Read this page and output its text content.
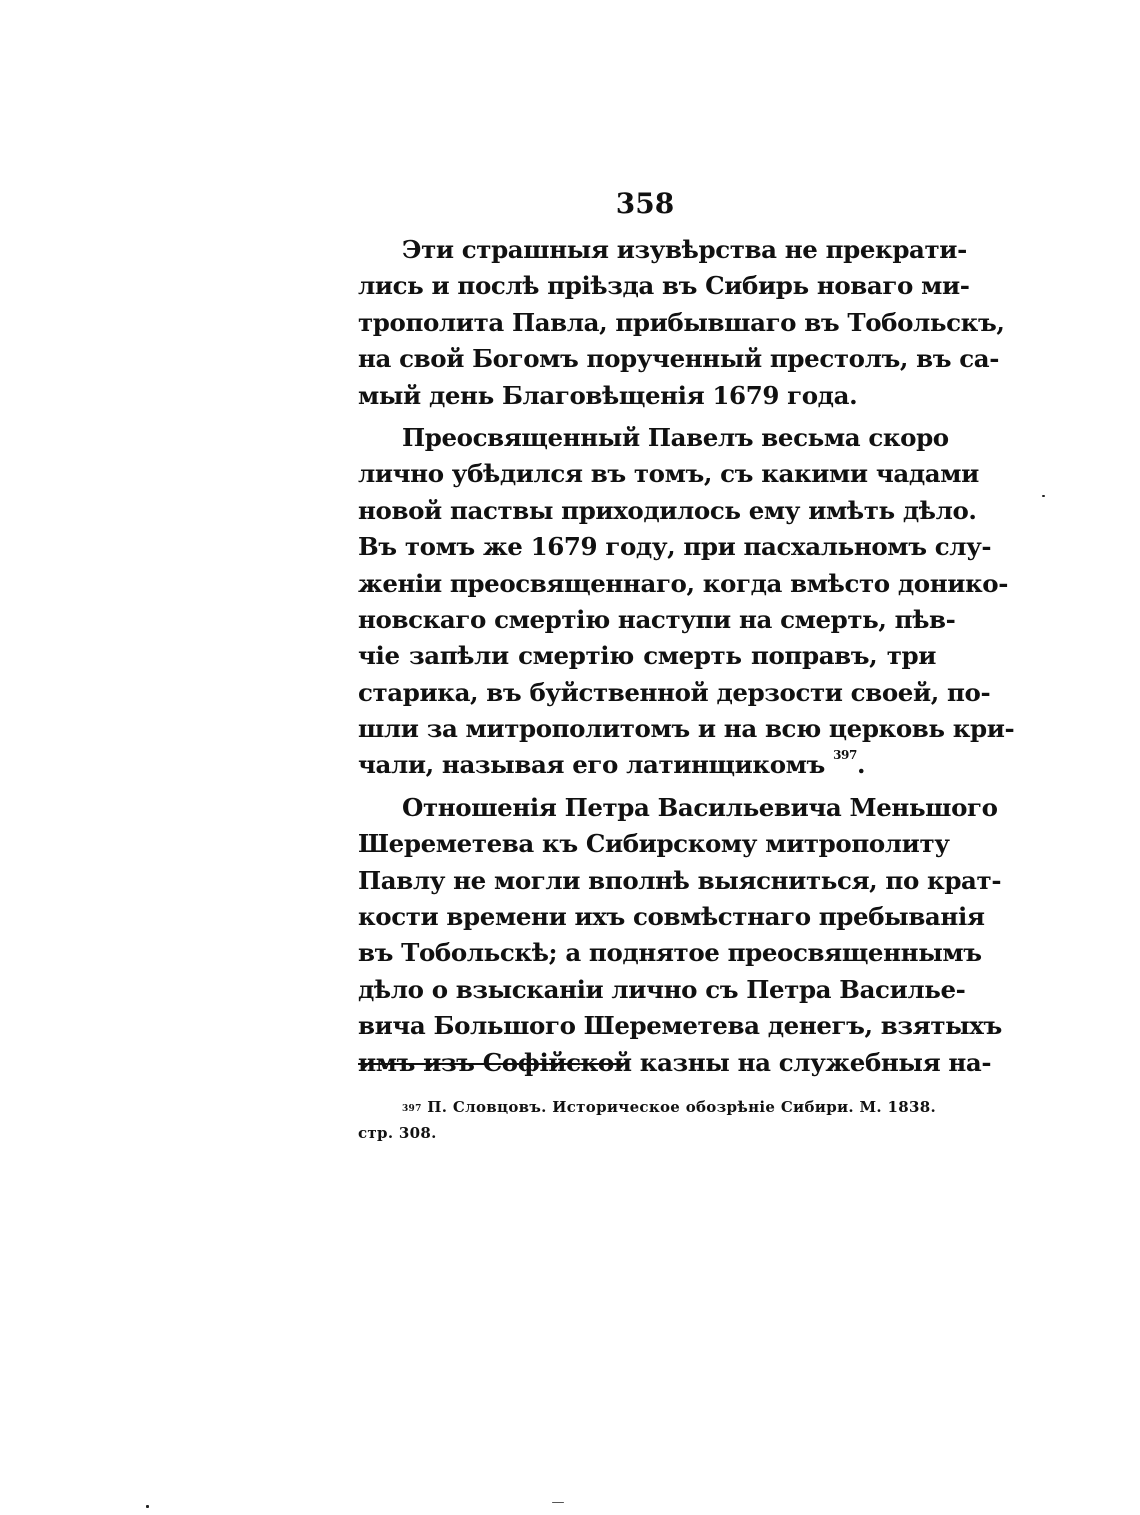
358
Эти страшныя изувѣрства не прекрати-
лись и послѣ пріѣзда въ Сибирь новаго ми-
трополита Павла, прибывшаго въ Тобольскъ,
на свой Богомъ порученный престолъ, въ са-
мый день Благовѣщенія 1679 года.
Преосвященный Павелъ весьма скоро
лично убѣдился въ томъ, съ какими чадами
новой паствы приходилось ему имѣть дѣло.
Въ томъ же 1679 году, при пасхальномъ слу-
женіи преосвященнаго, когда вмѣсто донико-
новскаго смертію наступи на смерть, пѣв-
чіе запѣли смертію смерть поправъ, три
старика, въ буйственной дерзости своей, по-
шли за митрополитомъ и на всю церковь кри-
чали, называя его латинщикомъ $^{397}$.
Отношенія Петра Васильевича Меньшого
Шереметева къ Сибирскому митрополиту
Павлу не могли вполнѣ выясниться, по крат-
кости времени ихъ совмѣстнаго пребыванія
въ Тобольскѣ; а поднятое преосвященнымъ
дѣло о взысканіи лично съ Петра Василье-
вича Большого Шереметева денегъ, взятыхъ
имъ изъ Софійской казны на служебныя на-
$^{397}$ П. Словцовъ. Историческое обозрѣніе Сибири. М. 1838.
стр. 308.
